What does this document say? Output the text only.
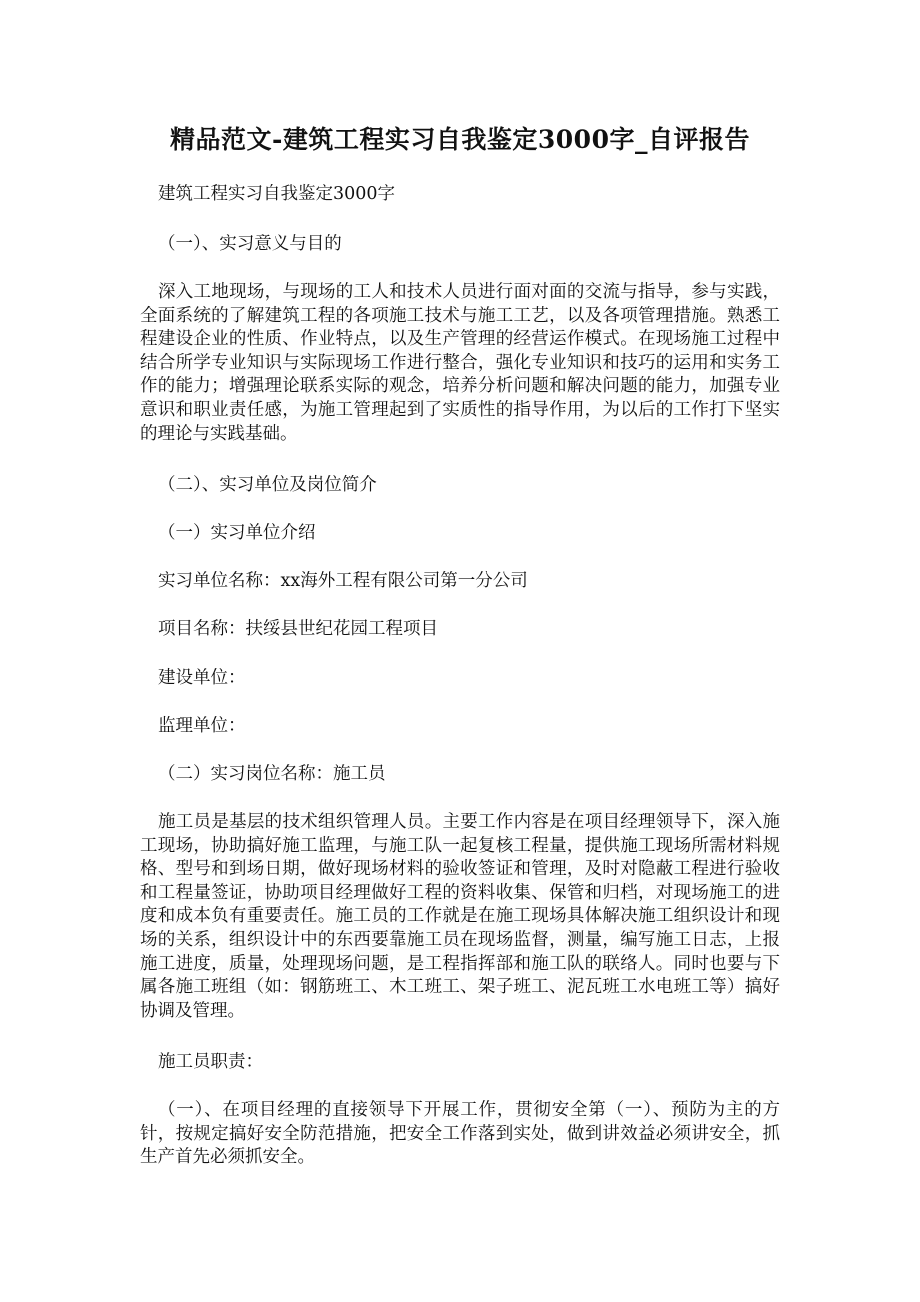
精品范文-建筑工程实习自我鉴定3000字_自评报告

建筑工程实习自我鉴定3000字

（一）、实习意义与目的

深入工地现场，与现场的工人和技术人员进行面对面的交流与指导，参与实践，全面系统的了解建筑工程的各项施工技术与施工工艺，以及各项管理措施。熟悉工程建设企业的性质、作业特点，以及生产管理的经营运作模式。在现场施工过程中结合所学专业知识与实际现场工作进行整合，强化专业知识和技巧的运用和实务工作的能力；增强理论联系实际的观念，培养分析问题和解决问题的能力，加强专业意识和职业责任感，为施工管理起到了实质性的指导作用，为以后的工作打下坚实的理论与实践基础。

（二）、实习单位及岗位简介

（一）实习单位介绍

实习单位名称：xx海外工程有限公司第一分公司

项目名称：扶绥县世纪花园工程项目

建设单位：

监理单位：

（二）实习岗位名称：施工员

施工员是基层的技术组织管理人员。主要工作内容是在项目经理领导下，深入施工现场，协助搞好施工监理，与施工队一起复核工程量，提供施工现场所需材料规格、型号和到场日期，做好现场材料的验收签证和管理，及时对隐蔽工程进行验收和工程量签证，协助项目经理做好工程的资料收集、保管和归档，对现场施工的进度和成本负有重要责任。施工员的工作就是在施工现场具体解决施工组织设计和现场的关系，组织设计中的东西要靠施工员在现场监督，测量，编写施工日志，上报施工进度，质量，处理现场问题，是工程指挥部和施工队的联络人。同时也要与下属各施工班组（如：钢筋班工、木工班工、架子班工、泥瓦班工水电班工等）搞好协调及管理。

施工员职责：

（一）、在项目经理的直接领导下开展工作，贯彻安全第（一）、预防为主的方针，按规定搞好安全防范措施，把安全工作落到实处，做到讲效益必须讲安全，抓生产首先必须抓安全。
